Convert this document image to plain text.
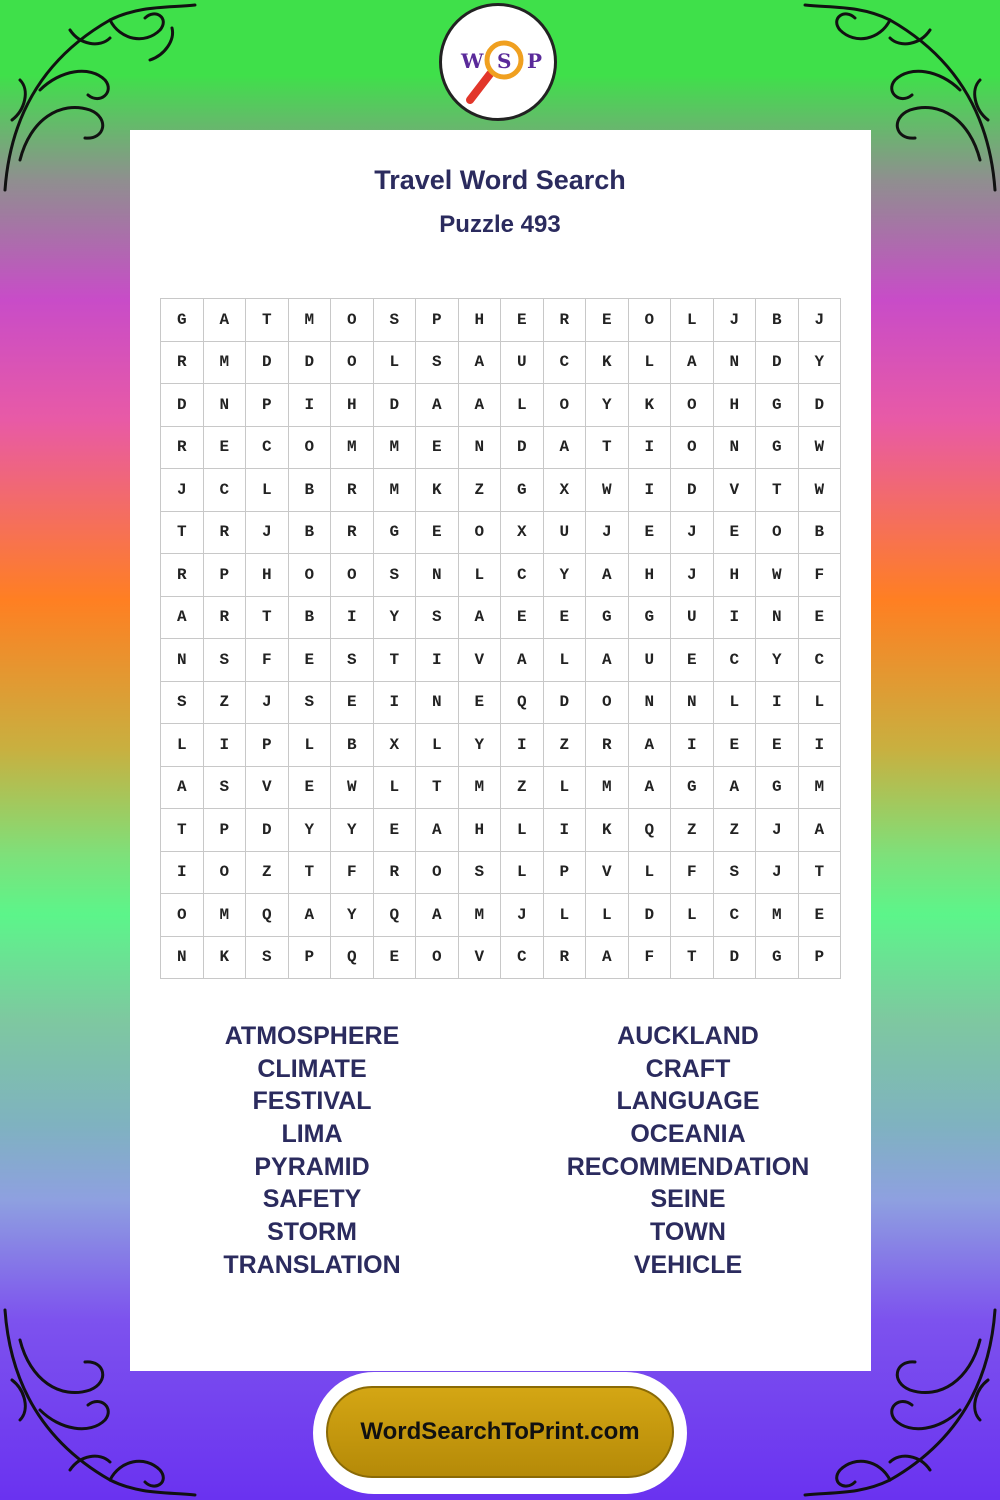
W S P
Travel Word Search
Puzzle 493
G	A	T	M	O	S	P	H	E	R	E	O	L	J	B	J
R	M	D	D	O	L	S	A	U	C	K	L	A	N	D	Y
D	N	P	I	H	D	A	A	L	O	Y	K	O	H	G	D
R	E	C	O	M	M	E	N	D	A	T	I	O	N	G	W
J	C	L	B	R	M	K	Z	G	X	W	I	D	V	T	W
T	R	J	B	R	G	E	O	X	U	J	E	J	E	O	B
R	P	H	O	O	S	N	L	C	Y	A	H	J	H	W	F
A	R	T	B	I	Y	S	A	E	E	G	G	U	I	N	E
N	S	F	E	S	T	I	V	A	L	A	U	E	C	Y	C
S	Z	J	S	E	I	N	E	Q	D	O	N	N	L	I	L
L	I	P	L	B	X	L	Y	I	Z	R	A	I	E	E	I
A	S	V	E	W	L	T	M	Z	L	M	A	G	A	G	M
T	P	D	Y	Y	E	A	H	L	I	K	Q	Z	Z	J	A
I	O	Z	T	F	R	O	S	L	P	V	L	F	S	J	T
O	M	Q	A	Y	Q	A	M	J	L	L	D	L	C	M	E
N	K	S	P	Q	E	O	V	C	R	A	F	T	D	G	P
ATMOSPHERE
CLIMATE
FESTIVAL
LIMA
PYRAMID
SAFETY
STORM
TRANSLATION
AUCKLAND
CRAFT
LANGUAGE
OCEANIA
RECOMMENDATION
SEINE
TOWN
VEHICLE
WordSearchToPrint.com
